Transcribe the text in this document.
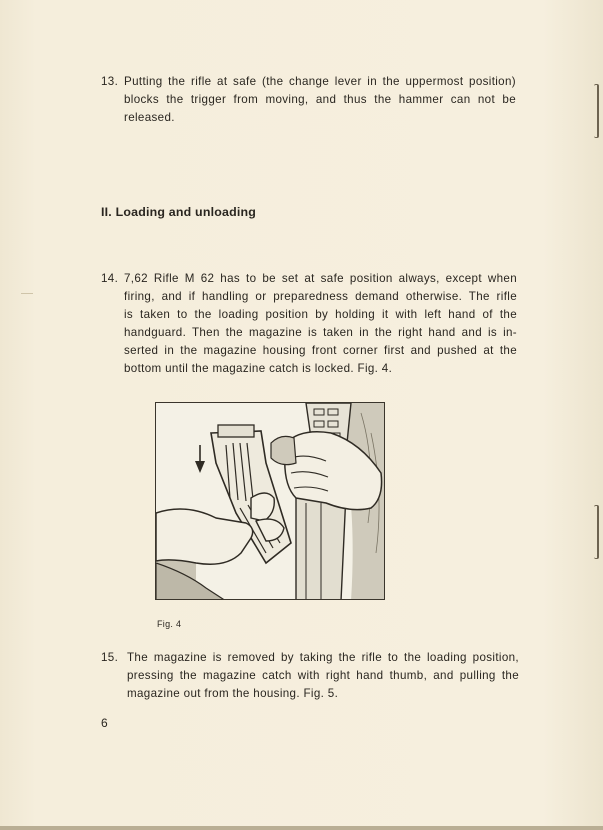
13. Putting the rifle at safe (the change lever in the uppermost position)
blocks the trigger from moving, and thus the hammer can not be
released.
II. Loading and unloading
14. 7,62 Rifle M 62 has to be set at safe position always, except when
firing, and if handling or preparedness demand otherwise. The rifle
is taken to the loading position by holding it with left hand of the
handguard. Then the magazine is taken in the right hand and is in-
serted in the magazine housing front corner first and pushed at the
bottom until the magazine catch is locked. Fig. 4.
Fig. 4
15. The magazine is removed by taking the rifle to the loading position,
pressing the magazine catch with right hand thumb, and pulling the
magazine out from the housing. Fig. 5.
6
